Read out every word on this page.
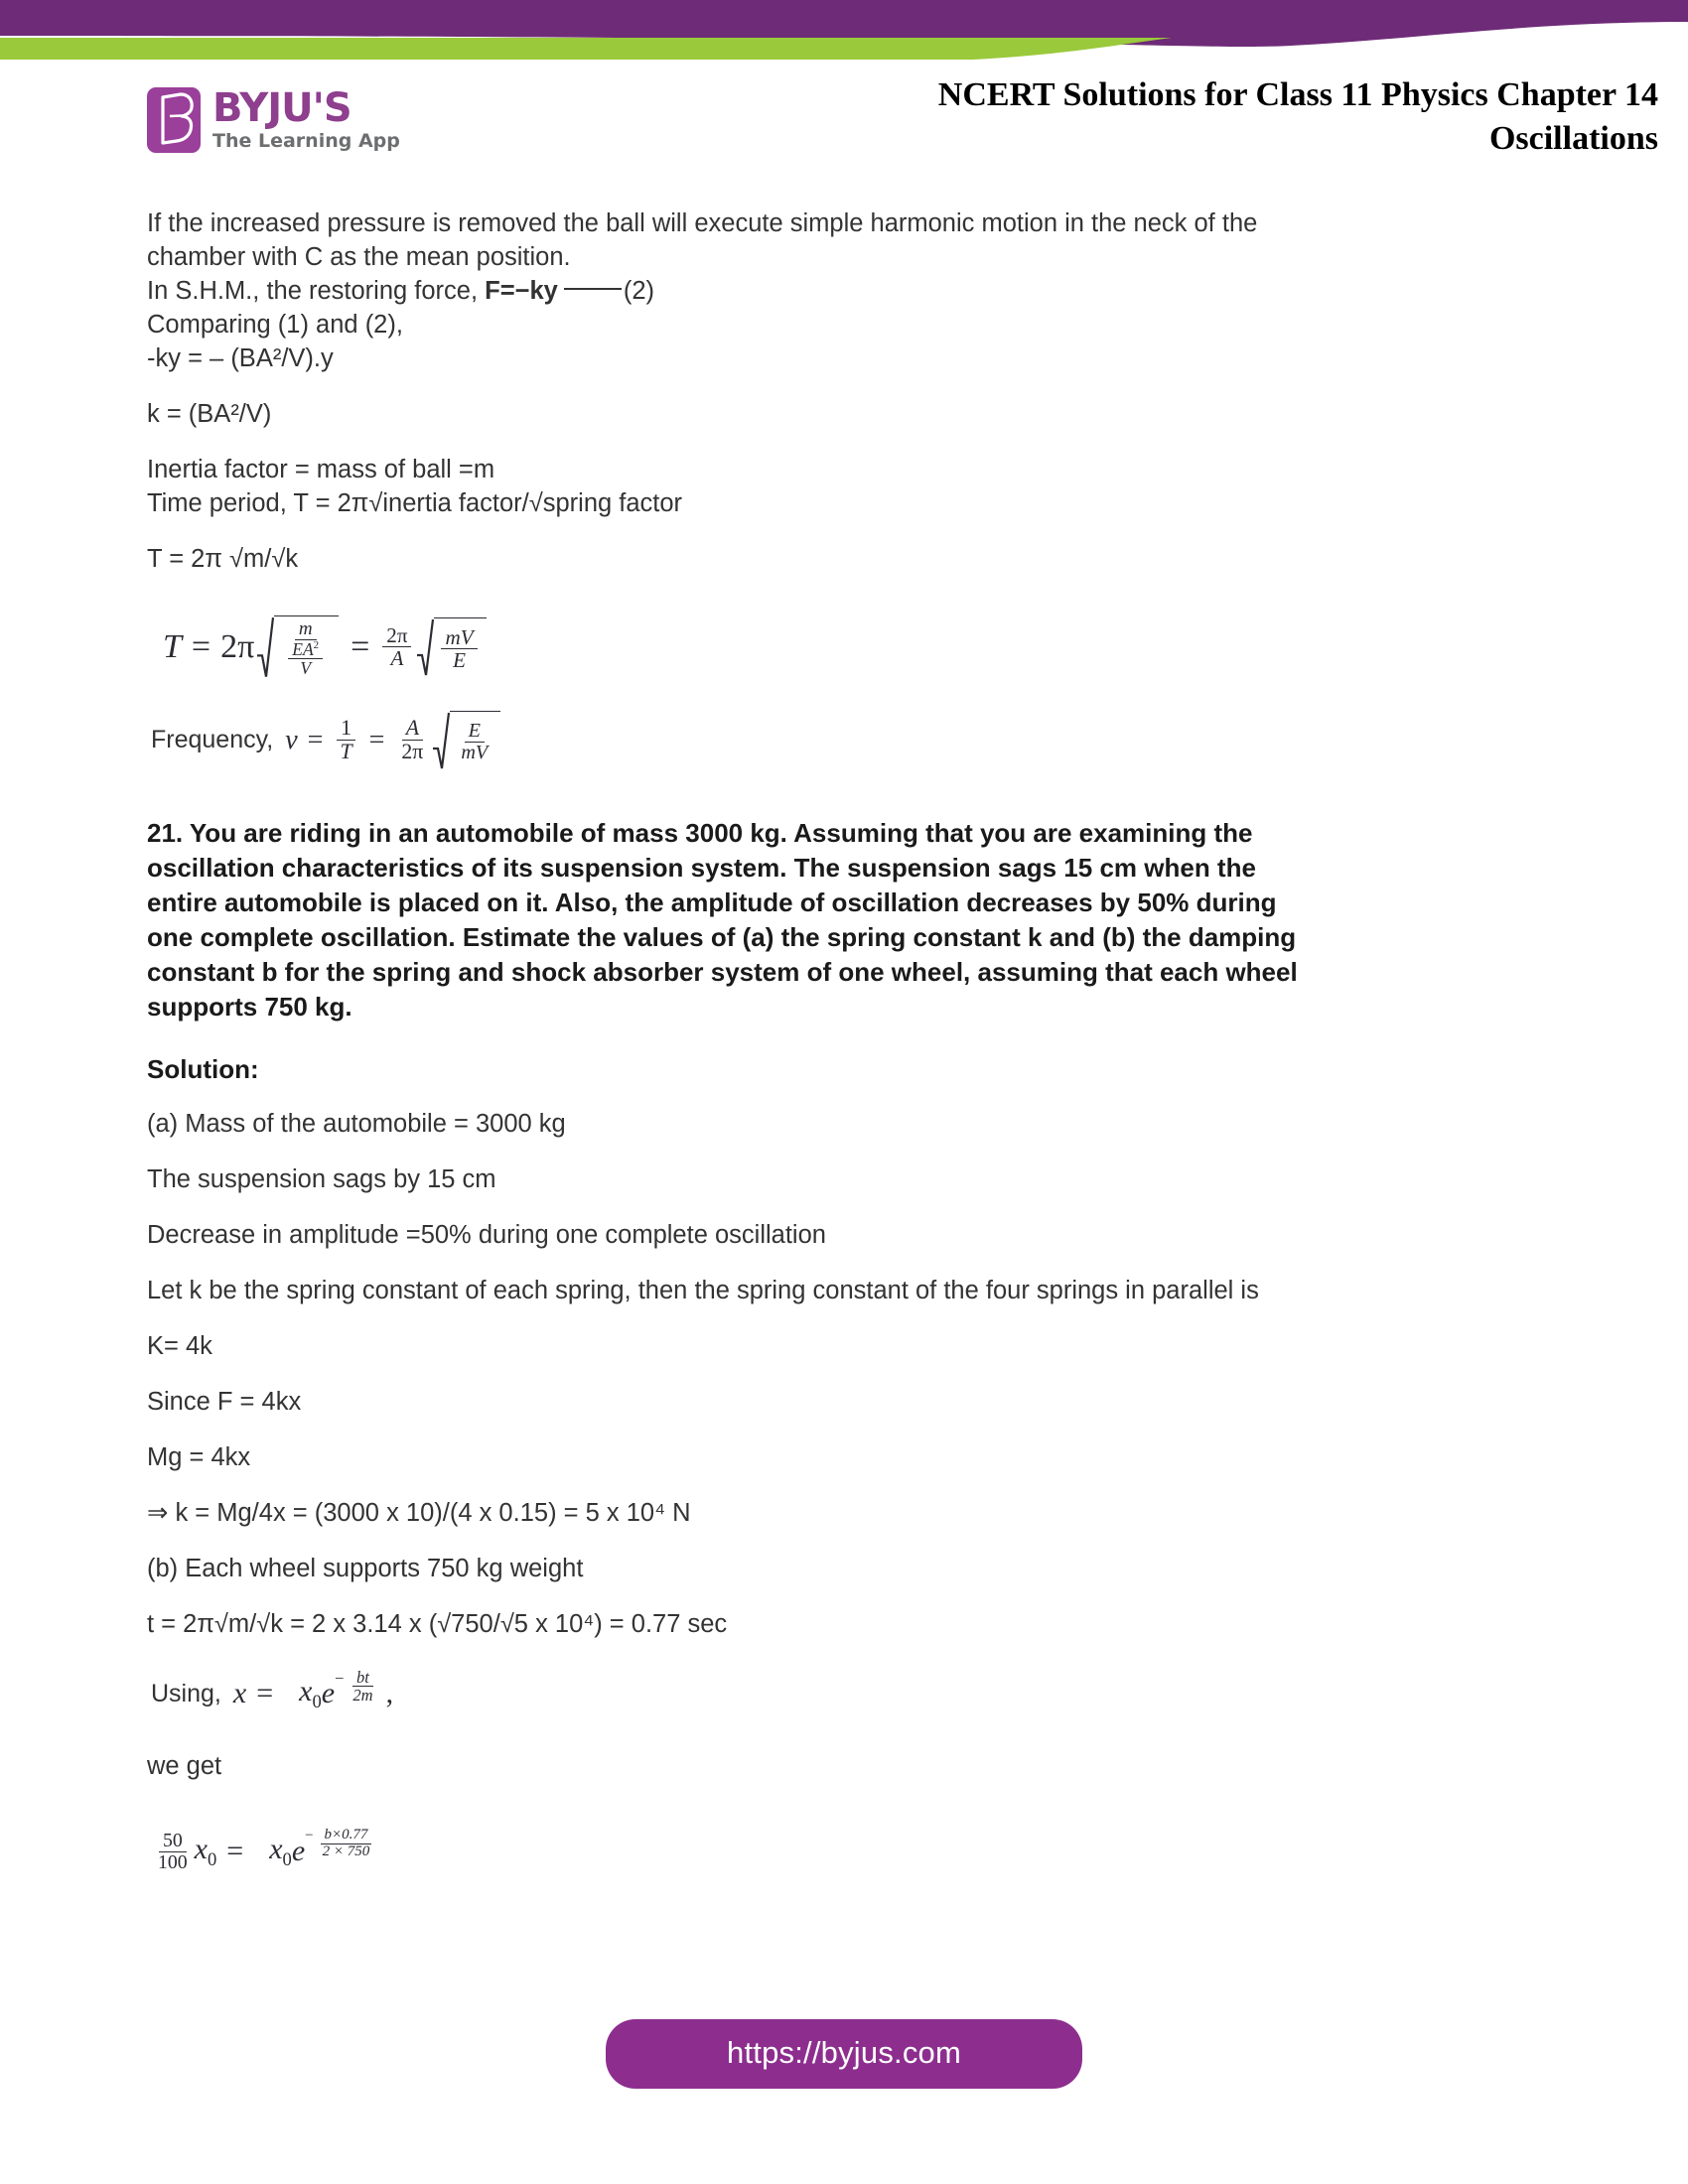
BYJU'S
The Learning App
NCERT Solutions for Class 11 Physics Chapter 14
Oscillations

If the increased pressure is removed the ball will execute simple harmonic motion in the neck of the

chamber with C as the mean position.

In S.H.M., the restoring force, F=−ky	(2)

Comparing (1) and (2),

-ky = – (BA²/V).y

k = (BA²/V)

Inertia factor = mass of ball =m

Time period, T = 2π√inertia factor/√spring factor

T = 2π √m/√k

$T = 2\pi \frac{m}{\frac{EA^2}{V}} = \frac{2\pi}{A} \frac{mV}{E}$
Frequency, $\nu = \frac{1}{T} = \frac{A}{2\pi} \frac{E}{mV}$
21. You are riding in an automobile of mass 3000 kg. Assuming that you are examining the
oscillation characteristics of its suspension system. The suspension sags 15 cm when the
entire automobile is placed on it. Also, the amplitude of oscillation decreases by 50% during
one complete oscillation. Estimate the values of (a) the spring constant k and (b) the damping
constant b for the spring and shock absorber system of one wheel, assuming that each wheel
supports 750 kg.
Solution:

(a) Mass of the automobile = 3000 kg

The suspension sags by 15 cm

Decrease in amplitude =50% during one complete oscillation

Let k be the spring constant of each spring, then the spring constant of the four springs in parallel is

K= 4k

Since F = 4kx

Mg = 4kx

⇒ k = Mg/4x = (3000 x 10)/(4 x 0.15) = 5 x 10⁴ N

(b) Each wheel supports 750 kg weight

t = 2π√m/√k = 2 x 3.14 x (√750/√5 x 10⁴) = 0.77 sec

Using, $x = x_0$ $e - \frac{bt}{2m}$ ,

we get

$\frac{50}{100} x_0 = x_0$ $e - \frac{b\times 0.77}{2 \times 750}$
https://byjus.com
